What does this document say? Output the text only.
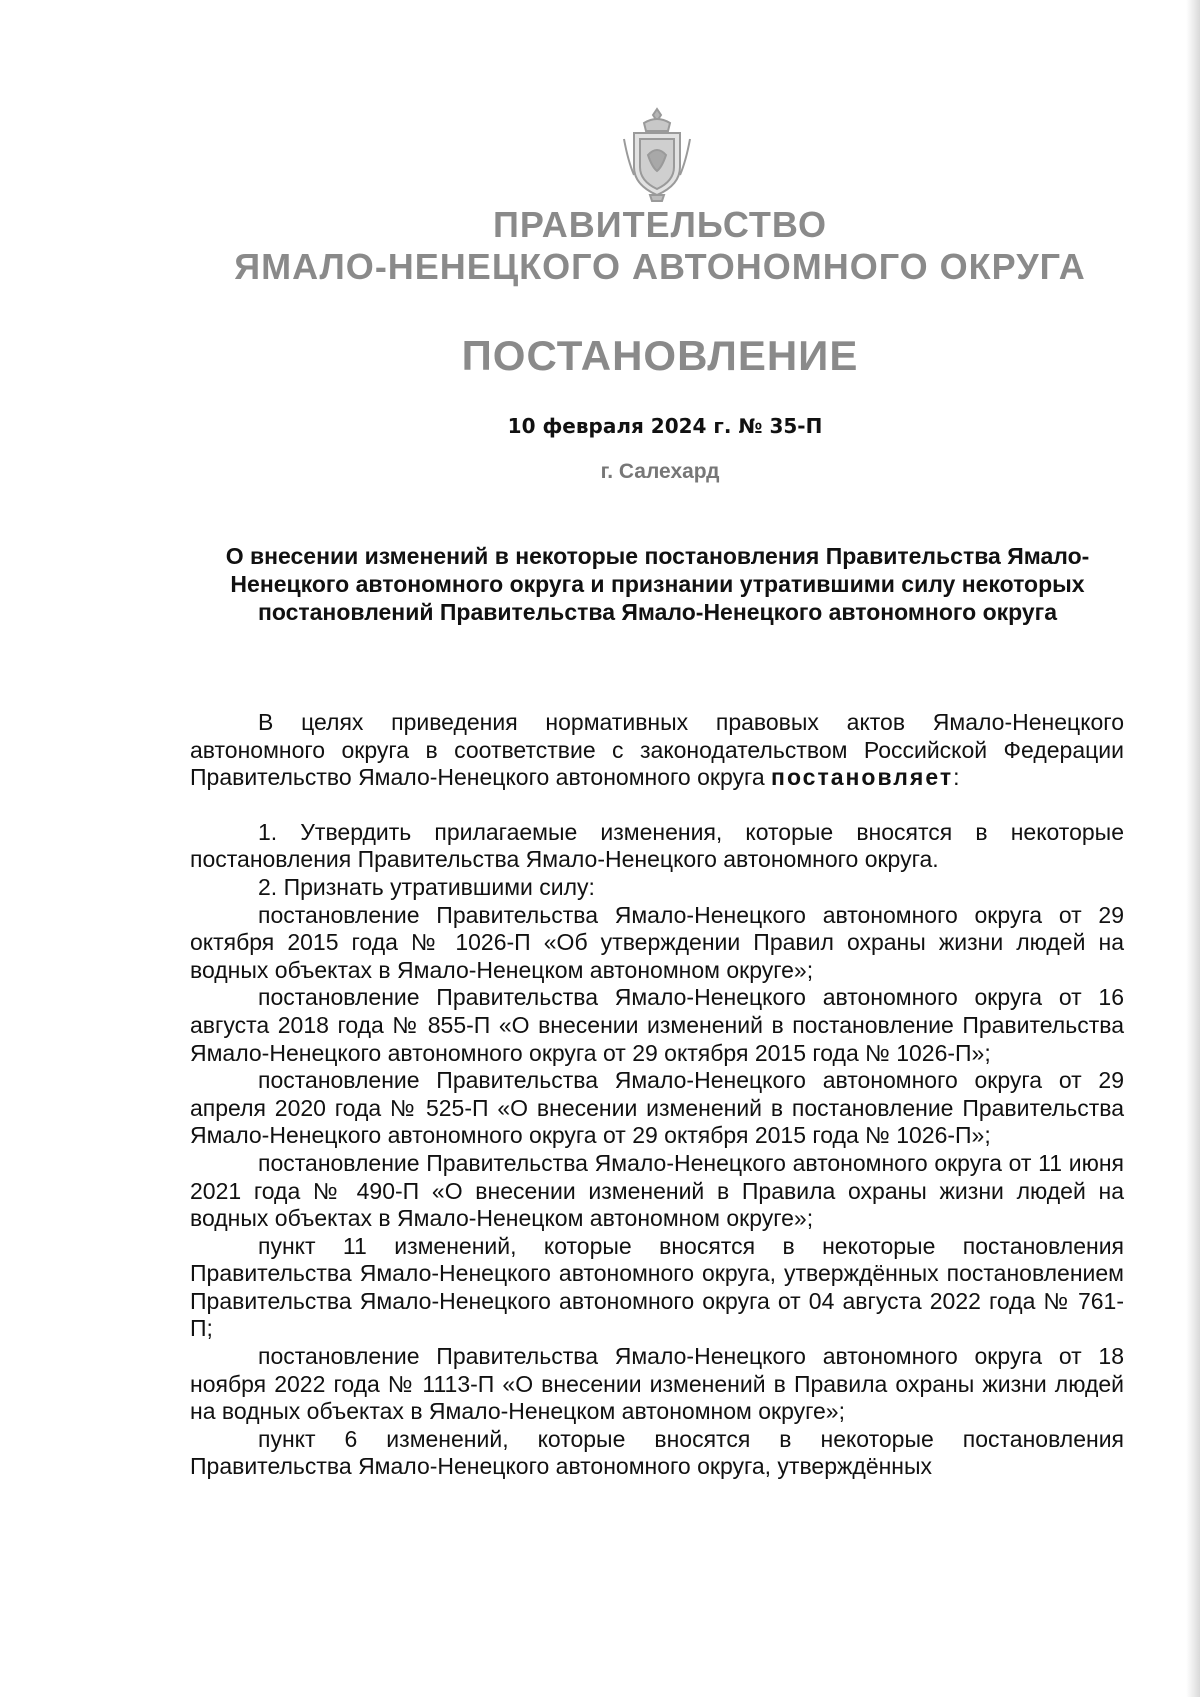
ПРАВИТЕЛЬСТВО
ЯМАЛО-НЕНЕЦКОГО АВТОНОМНОГО ОКРУГА
ПОСТАНОВЛЕНИЕ
10 февраля 2024 г. № 35-П
г. Салехард
О внесении изменений в некоторые постановления Правительства Ямало-Ненецкого автономного округа и признании утратившими силу некоторых постановлений Правительства Ямало-Ненецкого автономного округа

В целях приведения нормативных правовых актов Ямало-Ненецкого автономного округа в соответствие с законодательством Российской Федерации Правительство Ямало-Ненецкого автономного округа постановляет:

1. Утвердить прилагаемые изменения, которые вносятся в некоторые постановления Правительства Ямало-Ненецкого автономного округа.

2. Признать утратившими силу:

постановление Правительства Ямало-Ненецкого автономного округа от 29 октября 2015 года № 1026-П «Об утверждении Правил охраны жизни людей на водных объектах в Ямало-Ненецком автономном округе»;

постановление Правительства Ямало-Ненецкого автономного округа от 16 августа 2018 года № 855-П «О внесении изменений в постановление Правительства Ямало-Ненецкого автономного округа от 29 октября 2015 года № 1026-П»;

постановление Правительства Ямало-Ненецкого автономного округа от 29 апреля 2020 года № 525-П «О внесении изменений в постановление Правительства Ямало-Ненецкого автономного округа от 29 октября 2015 года № 1026-П»;

постановление Правительства Ямало-Ненецкого автономного округа от 11 июня 2021 года № 490-П «О внесении изменений в Правила охраны жизни людей на водных объектах в Ямало-Ненецком автономном округе»;

пункт 11 изменений, которые вносятся в некоторые постановления Правительства Ямало-Ненецкого автономного округа, утверждённых постановлением Правительства Ямало-Ненецкого автономного округа от 04 августа 2022 года № 761-П;

постановление Правительства Ямало-Ненецкого автономного округа от 18 ноября 2022 года № 1113-П «О внесении изменений в Правила охраны жизни людей на водных объектах в Ямало-Ненецком автономном округе»;

пункт 6 изменений, которые вносятся в некоторые постановления Правительства Ямало-Ненецкого автономного округа, утверждённых
